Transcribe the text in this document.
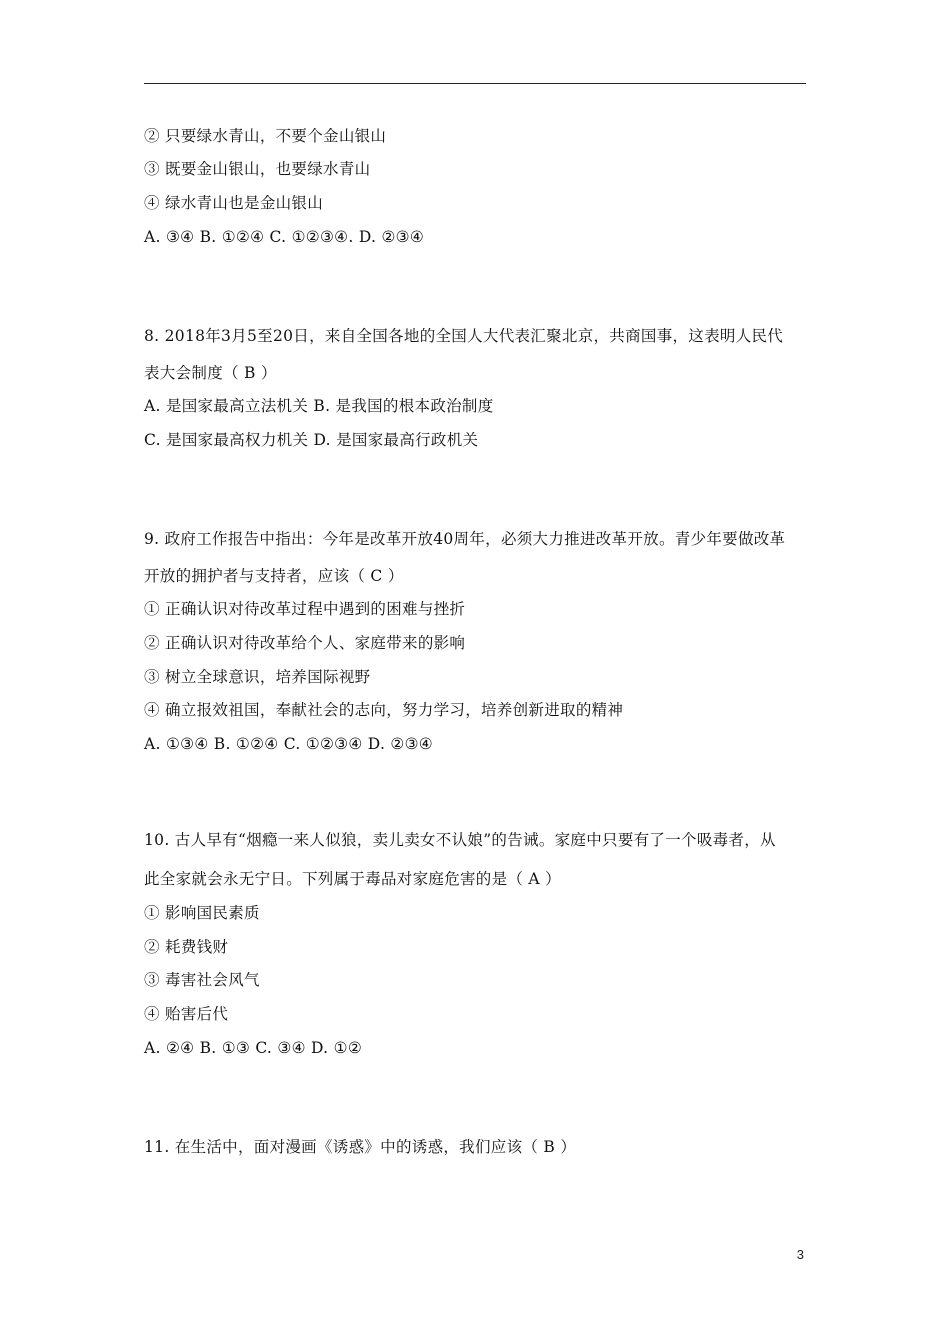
② 只要绿水青山，不要个金山银山
③ 既要金山银山，也要绿水青山
④ 绿水青山也是金山银山
A. ③④ B. ①②④ C. ①②③④. D. ②③④
8. 2018年3月5至20日，来自全国各地的全国人大代表汇聚北京，共商国事，这表明人民代
表大会制度（ B ）
A. 是国家最高立法机关 B. 是我国的根本政治制度
C. 是国家最高权力机关 D. 是国家最高行政机关
9. 政府工作报告中指出：今年是改革开放40周年，必须大力推进改革开放。青少年要做改革
开放的拥护者与支持者，应该（ C ）
① 正确认识对待改革过程中遇到的困难与挫折
② 正确认识对待改革给个人、家庭带来的影响
③ 树立全球意识，培养国际视野
④ 确立报效祖国，奉献社会的志向，努力学习，培养创新进取的精神
A. ①③④ B. ①②④ C. ①②③④ D. ②③④
10. 古人早有“烟瘾一来人似狼，卖儿卖女不认娘”的告诫。家庭中只要有了一个吸毒者，从
此全家就会永无宁日。下列属于毒品对家庭危害的是（ A ）
① 影响国民素质
② 耗费钱财
③ 毒害社会风气
④ 贻害后代
A. ②④ B. ①③ C. ③④ D. ①②
11. 在生活中，面对漫画《诱惑》中的诱惑，我们应该（ B ）
3
